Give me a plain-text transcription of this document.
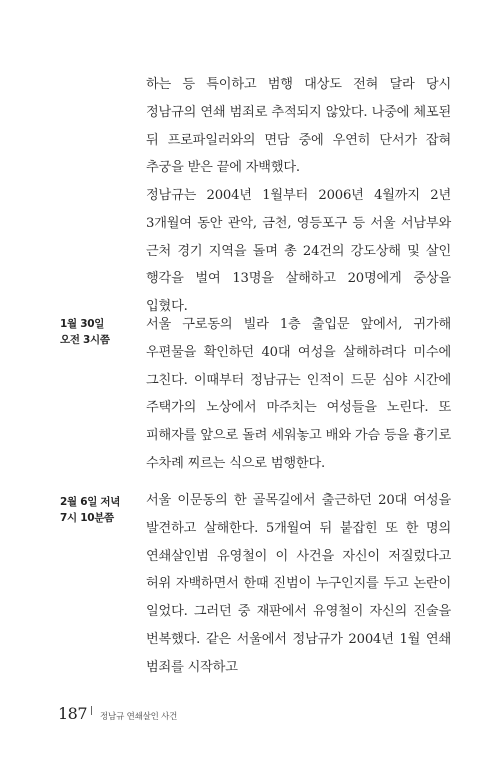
하는 등 특이하고 범행 대상도 전혀 달라 당시 정남규의 연쇄 범죄로 추적되지 않았다. 나중에 체포된 뒤 프로파일러와의 면담 중에 우연히 단서가 잡혀 추궁을 받은 끝에 자백했다.

정남규는 2004년 1월부터 2006년 4월까지 2년 3개월여 동안 관악, 금천, 영등포구 등 서울 서남부와 근처 경기 지역을 돌며 총 24건의 강도상해 및 살인 행각을 벌여 13명을 살해하고 20명에게 중상을 입혔다.

1월 30일
오전 3시쯤

서울 구로동의 빌라 1층 출입문 앞에서, 귀가해 우편물을 확인하던 40대 여성을 살해하려다 미수에 그친다. 이때부터 정남규는 인적이 드문 심야 시간에 주택가의 노상에서 마주치는 여성들을 노린다. 또 피해자를 앞으로 돌려 세워놓고 배와 가슴 등을 흉기로 수차례 찌르는 식으로 범행한다.

2월 6일 저녁
7시 10분쯤

서울 이문동의 한 골목길에서 출근하던 20대 여성을 발견하고 살해한다. 5개월여 뒤 붙잡힌 또 한 명의 연쇄살인범 유영철이 이 사건을 자신이 저질렀다고 허위 자백하면서 한때 진범이 누구인지를 두고 논란이 일었다. 그러던 중 재판에서 유영철이 자신의 진술을 번복했다. 같은 서울에서 정남규가 2004년 1월 연쇄 범죄를 시작하고

187 정남규 연쇄살인 사건
